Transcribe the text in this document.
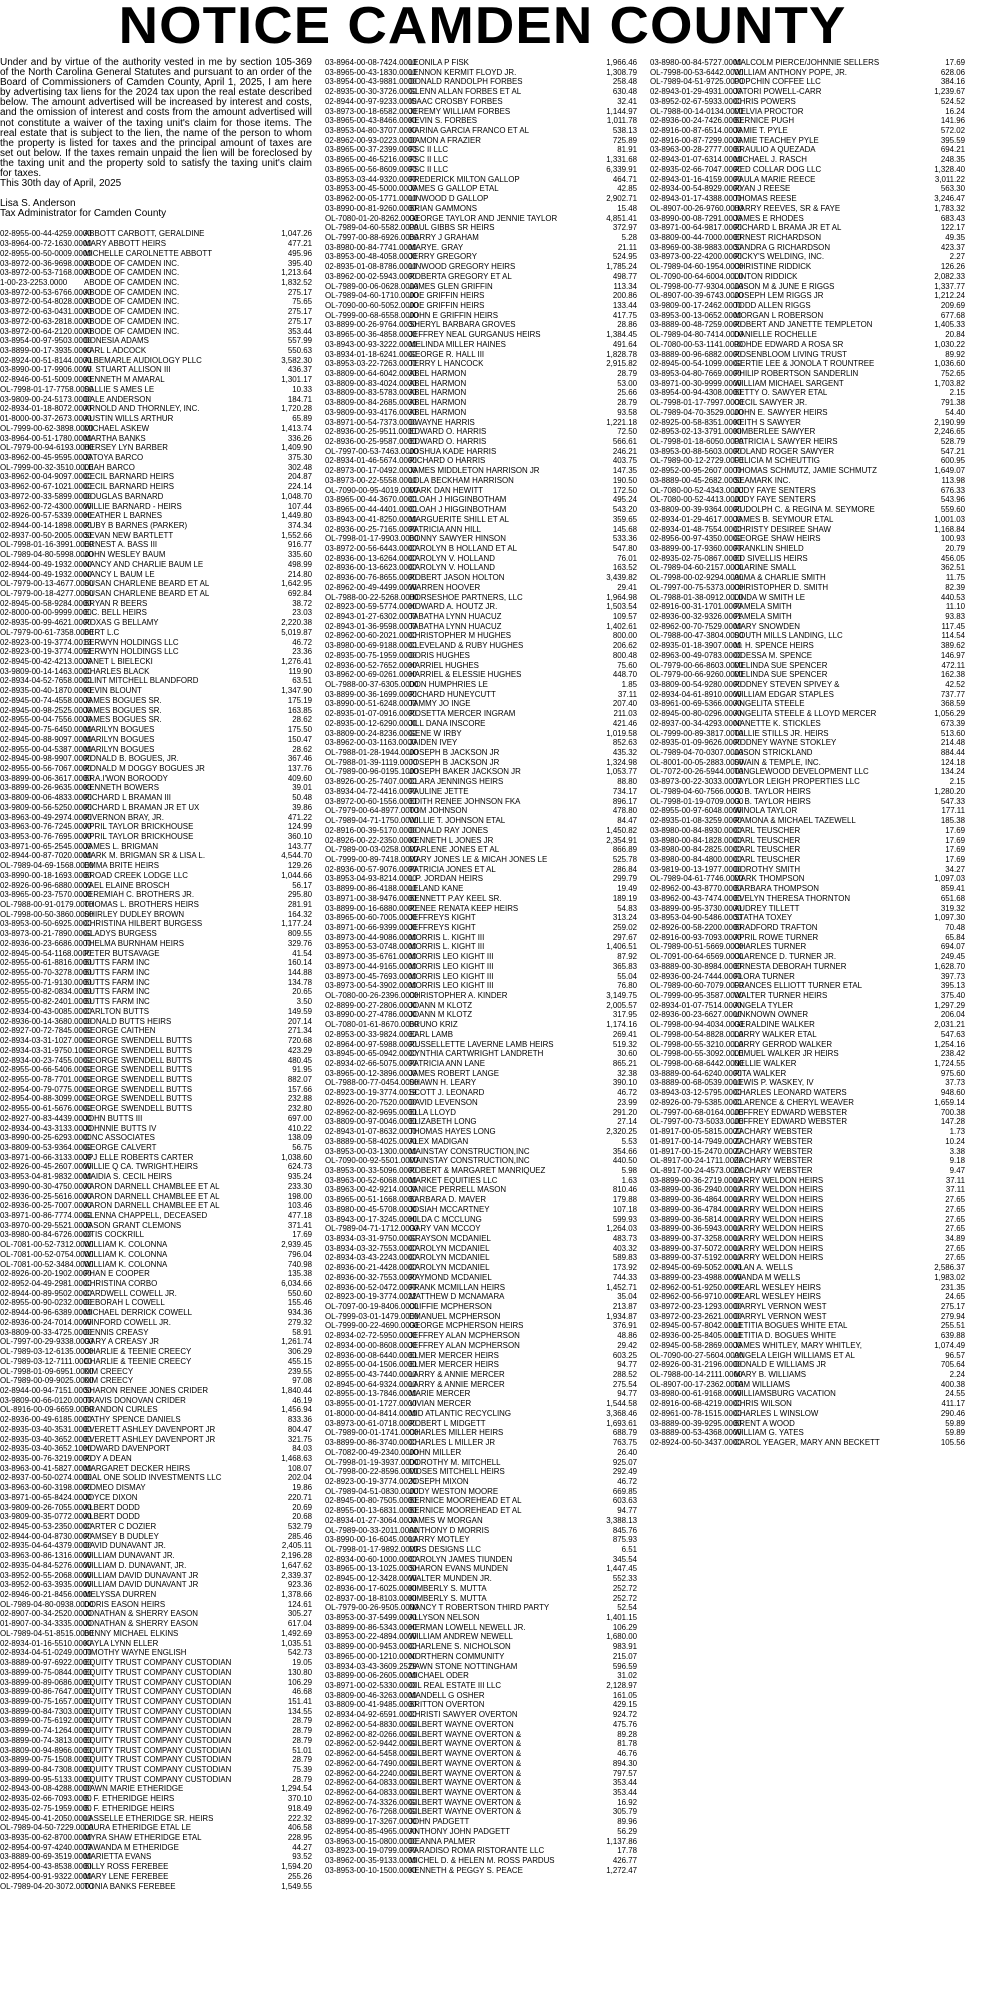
NOTICE CAMDEN COUNTY

Under and by virtue of the authority vested in me by section 105-369 of the North Carolina General Statutes and pursuant to an order of the Board of Commissioners of Camden County, April 1, 2025, I am here by advertising tax liens for the 2024 tax upon the real estate described below. The amount advertised will be increased by interest and costs, and the omission of interest and costs from the amount advertised will not constitute a waiver of the taxing unit's claim for those items. The real estate that is subject to the lien, the name of the person to whom the property is listed for taxes and the principal amount of taxes are set out below. If the taxes remain unpaid the lien will be foreclosed by the taxing unit and the property sold to satisfy the taxing unit's claim for taxes.

This 30th day of April, 2025

Lisa S. Anderson

Tax Administrator for Camden County

02-8955-00-44-4259.0000
ABBOTT CARBOTT, GERALDINE	1,047.26
03-8964-00-72-1630.0000
MARY ABBOTT HEIRS	477.21
02-8955-00-50-0009.0000
MICHELLE CAROLNETTE ABBOTT	495.96
03-8972-00-36-9698.0000
ABODE OF CAMDEN INC.	395.40
03-8972-00-53-7168.0000
ABODE OF CAMDEN INC.	1,213.64
1-00-23-2253.0000	ABODE OF CAMDEN INC.	1,832.52
03-8972-00-53-6766.0000
ABODE OF CAMDEN INC.	275.17
03-8972-00-54-8028.0000
ABODE OF CAMDEN INC.	75.65
03-8972-00-63-0431.0000
ABODE OF CAMDEN INC.	275.17
03-8972-00-63-2818.0000
ABODE OF CAMDEN INC.	275.17
03-8972-00-64-2120.0000
ABODE OF CAMDEN INC.	353.44
03-8954-00-97-9503.0000
DONESIA ADAMS	557.99
03-8899-00-17-3935.0000
KARL L ADCOCK	550.63
02-8924-00-51-8144.0000
ALBEMARLE AUDIOLOGY PLLC	3,582.30
03-8990-00-17-9906.0000
W. STUART ALLISON III	436.37
02-8946-00-51-5009.0000
KENNETH M AMARAL	1,301.17
OL-7998-01-17-7758.0000
SALLIE S AMES LE	10.33
03-9809-00-24-5173.0000
DALE ANDERSON	184.71
02-8934-01-18-8072.0000
ARNOLD AND THORNLEY, INC.	1,720.28
01-8000-00-37-2673.0000
AUSTIN WILLS ARTHUR	65.89
OL-7999-00-62-3898.0000
MICHAEL ASKEW	1,413.74
03-8964-00-51-1780.0000
MARTHA BANKS	336.26
OL-7979-00-94-6193.0000
HERSEY LYN BARBER	1,409.90
03-8962-00-45-9595.0000
JATOYA BARCO	375.30
OL-7999-00-32-3510.0000
LEAH BARCO	302.48
03-8962-00-04-9097.0000
CECIL BARNARD HEIRS	204.87
03-8962-00-67-1021.0000
CECIL BARNARD HEIRS	224.14
03-8972-00-33-5899.0000
DOUGLAS BARNARD	1,048.70
03-8962-00-72-4300.0000
WILLIE BARNARD - HEIRS	107.44
02-8926-00-57-5339.0000
HEATHER L BARNES	1,449.80
02-8944-00-14-1898.0000
RUBY B BARNES (PARKER)	374.34
02-8937-00-50-2005.0000
SEVAN NEW BARTLETT	1,552.66
OL-7998-01-16-3991.0000
ERNEST A. BASS III	916.77
OL-7989-04-80-5998.0000
JOHN WESLEY BAUM	335.60
02-8944-00-49-1932.0000
NANCY AND CHARLIE BAUM LE	498.99
02-8944-00-49-1932.0000
NANCY L BAUM LE	214.80
OL-7979-00-13-4677.0000
SUSAN CHARLENE BEARD ET AL	1,642.95
OL-7979-00-18-4277.0000
SUSAN CHARLENE BEARD ET AL	692.84
02-8945-00-58-9284.0000
BRYAN R BEERS	38.72
02-8000-00-00-9999.0000
E.C. BELL HEIRS	23.03
02-8935-00-99-4621.0000
ROXAS G BELLAMY	2,220.38
OL-7979-00-61-7358.0000
BERT L.C	5,019.87
02-8923-00-19-3774.0013
BERWYN HOLDINGS LLC	46.72
02-8923-00-19-3774.0051
BERWYN HOLDINGS LLC	23.36
02-8945-00-42-4213.0000
JANET L BIELECKI	1,276.41
03-9809-00-14-1463.0000
CHARLES BLACK	119.90
02-8934-04-52-7658.0000
CLINT MITCHELL BLANDFORD	63.51
02-8935-00-40-1870.0000
KEVIN BLOUNT	1,347.90
02-8945-00-74-4558.0000
JAMES BOGUES SR.	175.19
02-8945-00-98-2525.0000
JAMES BOGUES SR.	163.85
02-8955-00-04-7556.0000
JAMES BOGUES SR.	28.62
02-8945-00-75-6450.0000
MARILYN BOGUES	175.50
02-8945-00-88-9097.0000
MARILYN BOGUES	150.47
02-8955-00-04-5387.0000
MARILYN BOGUES	28.62
02-8945-00-98-9907.0000
RONALD B. BOGUES, JR.	367.46
02-8955-00-56-7067.0000
RONALD M DOGGY BOGUES JR	137.76
03-8899-00-06-3617.0000
BRA.I'WON BOROODY	409.60
03-8899-00-26-9635.0000
KENNETH BOWERS	39.01
03-8809-00-06-4833.0000
RICHARD L BRAMAN III	50.48
03-9809-00-56-5250.0000
RICHARD L BRAMAN JR ET UX	39.86
03-8963-00-49-2974.0000
RIVERNON BRAY, JR.	471.22
03-8963-00-76-7245.0000
APRIL TAYLOR BRICKHOUSE	124.99
03-8953-00-76-7695.0000
APRIL TAYLOR BRICKHOUSE	360.10
03-8971-00-65-2545.0000
JAMES L. BRIGMAN	143.77
02-8944-00-87-7020.0000
MARK M. BRIGMAN SR & LISA L.	4,544.70
OL-7989-04-69-1568.0000
EMMA BRITE HEIRS	129.26
03-8990-00-18-1693.0000
BROAD CREEK LODGE LLC	1,044.66
02-8926-00-96-6880.0000
YAEL ELAINE BROSCH	56.17
03-8965-00-23-7570.0000
JEREMIAH C. BROTHERS JR.	295.80
OL-7988-00-91-0179.0000
THOMAS L. BROTHERS HEIRS	281.91
OL-7998-00-50-3860.0000
SHIRLEY DUDLEY BROWN	164.32
03-8953-00-50-6925.0000
CHRISTINA HILBERT BURGESS	1,177.24
03-8973-00-21-7890.0000
GLADYS BURGESS	809.55
02-8936-00-23-6686.0000
THELMA BURNHAM HEIRS	329.76
02-8945-00-54-1168.0000
PETER BUTSAVAGE	41.54
02-8955-00-61-8816.0000
BUTTS FARM INC	160.14
02-8955-00-70-3278.0000
BUTTS FARM INC	144.88
02-8955-00-71-9130.0000
BUTTS FARM INC	134.78
02-8955-00-82-0834.0000
BUTTS FARM INC	20.65
02-8955-00-82-2401.0000
BUTTS FARM INC	3.50
02-8934-00-43-0085.0000
CARLTON BUTTS	149.59
02-8936-00-14-3680.0000
DONALD BUTTS HEIRS	207.14
02-8927-00-72-7845.0000
GEORGE CAITHEN	271.34
02-8934-03-31-1027.0000
GEORGE SWENDELL BUTTS	720.68
02-8934-03-31-9750.1000
GEORGE SWENDELL BUTTS	423.29
02-8934-00-23-7455.0000
GEORGE SWENDELL BUTTS	480.45
02-8955-00-66-5406.0000
GEORGE SWENDELL BUTTS	91.95
02-8955-00-78-7701.0000
GEORGE SWENDELL BUTTS	882.07
02-8954-00-79-0775.0000
GEORGE SWENDELL BUTTS	157.66
02-8954-00-88-3099.0000
GEORGE SWENDELL BUTTS	232.88
02-8955-00-61-5676.0000
GEORGE SWENDELL BUTTS	232.80
02-8927-00-83-4439.0000
JOHN BUTTS III	697.00
02-8934-00-43-3133.0000
JOHNNIE BUTTS IV	410.22
03-8990-00-25-6293.0000
C NC ASSOCIATES	138.09
03-8809-00-53-9364.0000
GEORGE CALVERT	56.75
03-8971-00-66-3133.0000
JPJ ELLE ROBERTS CARTER	1,038.60
02-8926-00-45-2607.0000
WILLIE Q CA. TWRIGHT.HEIRS	624.73
03-8953-04-81-9832.0000
MAIDIA S. CECIL HEIRS	935.24
03-8990-00-30-4750.0000
AARON DARNELL CHAMBLEE ET AL	233.30
02-8936-00-25-5616.0000
AARON DARNELL CHAMBLEE ET AL	198.00
02-8936-00-25-7007.0000
AARON DARNELL CHAMBLEE ET AL	103.46
03-8971-00-86-7774.0000
GLENNA CHAPPELL, DECEASED	477.18
03-8970-00-29-5521.0000
JASON GRANT CLEMONS	371.41
03-8980-00-84-6726.0000
OTIS COCKRILL	17.69
OL-7081-00-52-7312.0000
WILLIAM K. COLONNA	2,939.45
OL-7081-00-52-0754.0000
WILLIAM K. COLONNA	796.04
OL-7081-00-52-3484.0000
WILLIAM K. COLONNA	740.98
02-8926-00-20-1902.0000
PHAN E COOPER	135.38
02-8952-04-49-2981.0000
CHRISTINA CORBO	6,034.66
02-8944-00-89-9502.0000
CARDWELL COWELL JR.	550.60
02-8955-00-90-0232.0000
DEBORAH L COWELL	155.46
02-8944-00-96-6389.0000
MICHAEL DERRICK COWELL	934.36
02-8936-00-24-7014.0000
WINFORD COWELL JR.	279.32
03-8809-00-33-4725.0000
DENNIS CREASY	58.91
OL-7997-00-29-9338.0000
GARY A CREASY JR	1,261.74
OL-7989-03-12-6135.0000
CHARLIE & TEENIE CREECY	306.29
OL-7989-03-12-7111.0000
CHARLIE & TEENIE CREECY	455.15
OL-7998-01-09-6951.0000
KIM CREECY	239.55
OL-7989-00-09-9025.0000
KIM CREECY	97.08
02-8944-00-94-7151.0000
SHARON RENEE JONES CRIDER	1,840.44
03-9809-00-66-0120.0000
TRAVIS DONOVAN CRIDER	46.19
OL-8916-00-09-6659.0000
BRANDON CURLES	1,456.94
02-8936-00-49-6185.0000
CATHY SPENCE DANIELS	833.36
02-8935-03-40-3531.0000
EVERETT ASHLEY DAVENPORT JR	804.47
02-8935-03-40-3652.0000
EVERETT ASHLEY DAVENPORT JR	321.75
02-8935-03-40-3652.1000
HOWARD DAVENPORT	84.03
02-8935-00-76-3219.0000
ROY A DEAN	1,468.63
03-8963-00-41-5827.0000
MARGARET DECKER HEIRS	108.07
02-8937-00-50-0274.0000
DIAL ONE SOLID INVESTMENTS LLC	202.04
03-8963-00-60-3198.0000
ROMEO DISMAY	19.86
03-8971-00-65-8424.0000
JOYCE DIXON	220.71
03-9809-00-26-7055.0000
ALBERT DODD	20.69
03-9809-00-35-0772.0000
ALBERT DODD	20.68
02-8945-00-53-2350.0000
CARTER C DOZIER	532.79
02-8944-00-04-8730.0000
RAMSEY B DUDLEY	285.46
02-8935-04-64-4379.0000
DAVID DUNAVANT JR.	2,405.11
03-8963-00-86-1316.0000
WILLIAM DUNAVANT JR.	2,196.28
02-8935-04-84-5276.0000
WILLIAM D. DUNAVANT, JR.	1,647.62
03-8952-00-55-2068.0000
WILLIAM DAVID DUNAVANT JR	2,339.37
03-8952-00-63-3935.0000
WILLIAM DAVID DUNAVANT JR	923.36
02-8946-00-21-8456.0000
MELYSSA DURREN	1,378.66
OL-7989-04-80-0938.0000
DORIS EASON HEIRS	124.61
02-8907-00-34-2520.0000
JONATHAN & SHERRY EASON	305.27
01-8907-00-34-3335.0000
JONATHAN & SHERRY EASON	617.04
OL-7989-04-51-8515.0000
BENNY MICHAEL ELKINS	1,492.69
02-8934-01-16-5510.0000
KAYLA LYNN ELLER	1,035.51
02-8934-04-51-0249.0000
TIMOTHY WAYNE ENGLISH	542.73
03-8889-00-97-6922.0000
EQUITY TRUST COMPANY CUSTODIAN	19.05
03-8899-00-75-0844.0000
EQUITY TRUST COMPANY CUSTODIAN	130.80
03-8899-00-89-0686.0000
EQUITY TRUST COMPANY CUSTODIAN	106.29
03-8899-00-86-7647.0000
EQUITY TRUST COMPANY CUSTODIAN	46.68
03-8899-00-75-1657.0000
EQUITY TRUST COMPANY CUSTODIAN	151.41
03-8899-00-84-7303.0000
EQUITY TRUST COMPANY CUSTODIAN	134.55
03-8899-00-75-6192.0000
EQUITY TRUST COMPANY CUSTODIAN	28.79
03-8899-00-74-1264.0000
EQUITY TRUST COMPANY CUSTODIAN	28.79
03-8899-00-74-3813.0000
EQUITY TRUST COMPANY CUSTODIAN	28.79
03-8809-00-94-8966.0000
EQUITY TRUST COMPANY CUSTODIAN	51.01
03-8899-00-75-1508.0000
EQUITY TRUST COMPANY CUSTODIAN	28.79
03-8899-00-84-7308.0000
EQUITY TRUST COMPANY CUSTODIAN	75.39
03-8899-00-95-5133.0000
EQUITY TRUST COMPANY CUSTODIAN	28.79
02-8943-00-08-4288.0000
DAWN MARIE ETHERIDGE	1,294.54
02-8935-02-66-7093.0000
B. F. ETHERIDGE HEIRS	370.10
02-8935-02-75-1959.0000
B. F. ETHERIDGE HEIRS	918.49
02-8945-00-41-2050.0000
LASSELLE ETHERIDGE SR. HEIRS	222.32
OL-7989-04-50-7229.0000
LAURA ETHERIDGE ETAL LE	406.58
03-8935-00-62-8700.0000
MYRA SHAW ETHERIDGE ETAL	228.95
02-8954-00-97-4240.0000
TAWANDA M ETHERIDGE	44.27
03-8889-00-69-3519.0000
MARIETTA EVANS	93.52
02-8954-00-43-8538.0000
BILLY ROSS FEREBEE	1,594.20
02-8954-00-91-9322.0000
MARY LENE FEREBEE	255.26
OL-7989-04-20-3072.0000
TONIA BANKS FEREBEE	1,549.55
03-8964-00-08-7424.0000
LEONILA P FISK	1,966.46
03-8965-00-43-1830.0000
LENNON KERMIT FLOYD JR.	1,308.79
03-8954-00-43-9881.0000
DONALD RANDOLPH FORBES	258.48
02-8935-00-30-3726.0000
GLENN ALLAN FORBES ET AL	630.48
02-8944-00-97-9233.0000
ISAAC CROSBY FORBES	32.41
03-8973-00-18-6582.0000
JEREMY WILLIAM FORBES	1,144.97
03-8965-00-43-8466.0000
KEVIN S. FORBES	1,011.78
03-8953-04-80-3707.0000
KARINA GARCIA FRANCO ET AL	538.13
02-8962-00-93-0223.0000
DAMON A FRAZIER	725.89
03-8965-00-37-2399.0000
FSC II LLC	81.91
03-8965-00-46-5216.0000
FSC II LLC	1,331.68
03-8965-00-56-8609.0000
FSC II LLC	6,339.91
03-8953-03-44-9320.0000
FREDERICK MILTON GALLOP	464.71
03-8953-00-45-5000.0000
JAMES G GALLOP ETAL	42.85
03-8962-00-05-1771.0000
LINWOOD D GALLOP	2,902.71
03-8990-00-81-9260.0000
BRIAN GAMMONS	15.48
OL-7080-01-20-8262.0000
GEORGE TAYLOR AND JENNIE TAYLOR	4,851.41
OL-7989-04-60-5582.0000
PAUL GIBBS SR HEIRS	372.97
OL-7997-00-88-6926.0000
BARRY J GRAHAM	5.28
03-8980-00-84-7741.0000
MARYE. GRAY	21.11
03-8953-00-48-4058.0000
JERRY GREGORY	524.95
02-8935-01-08-8786.0000
LINWOOD GREGORY HEIRS	1,785.24
03-8962-00-02-5943.0000
ROBERTA GREGORY ET AL	498.77
OL-7989-00-06-0628.0000
JAMES GLEN GRIFFIN	113.34
OL-7989-04-60-1710.0000
JOE GRIFFIN HEIRS	200.86
OL-7090-00-60-5052.0000
JOE GRIFFIN HEIRS	133.44
OL-7999-00-68-6558.0000
JOHN E GRIFFIN HEIRS	417.75
03-8899-00-26-9764.0000
SHERYL BARBARA GROVES	28.86
03-8965-00-36-4858.0000
JEFFREY NEAL GURGANUS HEIRS	1,384.45
03-8943-00-93-3222.0000
MELINDA MILLER HAINES	491.64
03-8934-01-18-6241.0000
GEORGE R. HALL III	1,828.78
03-8953-03-22-7263.0000
TERRY L HANCOCK	2,915.82
03-8809-00-64-6042.0000
ABEL HARMON	28.79
03-8809-00-83-4024.0000
ABEL HARMON	53.00
03-8809-00-83-5783.0000
ABEL HARMON	25.66
03-8809-00-84-2685.0000
ABEL HARMON	28.79
03-9809-00-93-4176.0000
ABEL HARMON	93.58
03-8971-00-54-7373.0000
DWAYNE HARRIS	1,221.18
02-8936-00-25-9511.0000
EDWARD O. HARRIS	72.50
02-8936-00-25-9587.0000
EDWARD O. HARRIS	566.61
OL-7997-00-53-7463.0000
JOSHUA KADE HARRIS	246.21
02-8934-01-46-5674.0000
RICHARD O HARRIS	403.75
02-8973-00-17-0492.0000
JAMES MIDDLETON HARRISON JR	147.35
03-8973-00-22-5558.0000
LOLA BECKHAM HARRISON	190.50
OL-7090-00-95-4019.0000
MARK DAN HEWITT	172.50
03-8965-00-44-3670.0000
CLOAH J HIGGINBOTHAM	495.24
03-8965-00-44-4401.0000
CLOAH J HIGGINBOTHAM	543.20
03-8943-00-41-8250.0000
MARGUERITE SHILL ET AL	359.65
02-8936-00-25-7165.0000
PATRICIA ANN HILL	145.68
OL-7998-01-17-9903.0000
BONNY SAWYER HINSON	533.36
03-8972-00-56-6443.0000
CAROLYN B HOLLAND ET AL	547.80
02-8936-00-13-6264.0000
CAROLYN V. HOLLAND	76.01
02-8936-00-13-6623.0000
CAROLYN V. HOLLAND	163.52
02-8936-00-76-8655.0000
ROBERT JASON HOLTON	3,439.82
02-8962-00-49-4499.0000
WARREN HOOVER	29.41
OL-7988-00-22-5268.0000
HORSESHOE PARTNERS, LLC	1,964.98
02-8923-00-59-5774.0000
HOWARD A. HOUTZ JR.	1,503.54
02-8943-01-27-6302.0000
TABATHA LYNN HUACUZ	109.57
02-8943-01-36-9598.0000
TABATHA LYNN HUACUZ	1,402.61
02-8962-00-60-2021.0000
CHRISTOPHER M HUGHES	800.00
03-8980-00-69-9188.0000
CLEVELAND & RUBY HUGHES	206.62
02-8935-00-75-1959.0000
DORIS HUGHES	800.48
02-8936-00-52-7652.0000
HARRIEL HUGHES	75.60
03-8962-00-69-0261.0000
HARRIEL & ELESSIE HUGHES	448.70
OL-7988-00-37-6305.0000
DON HUMPHRIES LE	1.85
03-8899-00-36-1699.0000
RICHARD HUNEYCUTT	37.11
03-8990-00-51-6248.0000
TAMMY JO INGE	207.40
02-8935-01-07-0916.0000
ROSETTA MERCER INGRAM	211.03
02-8935-00-12-6290.0000
JILL DANA INSCORE	421.46
03-8809-00-24-8236.0000
GENE W IRBY	1,019.58
03-8962-00-03-1163.0000
JAIDEN IVEY	852.63
OL-7988-01-28-1944.0000
JOSEPH B JACKSON JR	435.32
OL-7988-01-39-1119.0000
JOSEPH B JACKSON JR	1,324.98
OL-7989-00-96-0195.1000
JOSEPH BAKER JACKSON JR	1,053.77
03-8926-00-25-7407.0000
CLARA JENNINGS HEIRS	88.80
03-8934-04-72-4416.0000
PAULINE JETTE	734.17
03-8972-00-60-1556.0000
EDITH RENEE JOHNSON FKA	896.17
OL-7979-00-64-8977.0000
TOM JOHNSON	478.80
OL-7989-04-71-1750.0000
WILLIE T. JOHNSON ETAL	84.47
02-8916-00-39-5170.0000
DONALD RAY JONES	1,450.82
02-8926-00-22-2350.0000
KENNETH L JONES JR	2,354.91
OL-7989-00-03-0258.0000
MARLENE JONES ET AL	866.89
OL-7999-00-89-7418.0000
MARY JONES LE & MICAH JONES LE	525.78
02-8936-00-57-9076.0000
PATRICIA JONES ET AL	286.84
03-8953-04-93-8214.0000
L.P. JORDAN HEIRS	299.79
03-8899-00-86-4188.0000
LELAND KANE	19.49
03-8971-00-38-9476.0000
BENNETT P.AY KEEL SR.	189.19
03-8899-00-16-6880.0000
RENEE RENATA KEEP HEIRS	54.83
03-8965-00-60-7005.0000
JEFFREYS KIGHT	313.24
03-8971-00-66-9399.0000
JEFFREYS KIGHT	259.02
03-8973-00-44-9086.0000
MORRIS L. KIGHT III	297.67
03-8953-00-53-0748.0000
MORRIS L. KIGHT III	1,406.51
03-8973-00-35-6761.0000
MORRIS LEO KIGHT III	87.92
03-8973-00-44-9165.0000
MORRIS LEO KIGHT III	365.83
03-8973-00-45-7693.0000
MORRIS LEO KIGHT III	55.04
03-8973-00-54-3902.0000
MORRIS LEO KIGHT III	76.80
OL-7080-00-26-2396.0000
CHRISTOPHER A. KINDER	3,149.75
02-8899-00-27-2806.0000
JOANN M KLOTZ	2,005.57
03-8990-00-27-4786.0000
JOANN M KLOTZ	317.95
OL-7080-01-61-8670.0000
BRUNO KRIZ	1,174.16
02-8953-00-33-9824.0000
EARL LAMB	269.41
02-8964-00-97-5988.0000
RUSSELLETTE LAVERNE LAMB HEIRS	519.32
03-8945-00-65-0942.0000
CYNTHIA CARTWRIGHT LANDRETH	30.60
02-8934-02-66-5075.0000
PATRICIA ANN LANE	865.21
03-8965-00-12-3896.0000
JAMES ROBERT LANGE	32.38
OL-7988-00-77-0454.0000
SHAWN H. LEARY	390.10
02-8923-00-19-3774.0019
SCOTT J. LEONARD	46.72
02-8926-00-20-7520.0000
DAVID LEVENSON	23.99
02-8962-00-82-9695.0000
ELLA LLOYD	291.20
03-8809-00-97-0046.0000
ELIZABETH LONG	27.14
02-8943-01-07-8632.0000
THOMAS HAYES LONG	2,320.25
03-8889-00-58-4025.0000
ALEX MADIGAN	5.53
03-8953-00-03-1300.0000
MAINSTAY CONSTRUCTION,INC	354.66
OL-7090-00-92-5501.0000
MAINSTAY CONSTRUCTION,INC	440.50
03-8953-00-33-5096.0000
ROBERT & MARGARET MANRIQUEZ	5.98
03-8963-00-52-6068.0000
MARKET EQUITIES LLC	1.63
03-8963-00-42-9214.0000
JANICE PERRELL MASON	810.46
03-8965-00-51-1668.0000
BARBARA D. MAVER	179.88
03-8980-00-45-5708.0000
JOSIAH MCCARTNEY	107.18
03-8943-00-17-3245.0000
HILDA C MCCLUNG	599.93
OL-7989-04-71-1712.0000
GARY VAN MCCOY	1,264.03
03-8934-03-31-9750.0000
GRAYSON MCDANIEL	483.73
03-8934-03-32-7553.0000
CAROLYN MCDANIEL	403.32
02-8934-03-43-2243.0000
CAROLYN MCDANIEL	589.83
02-8936-00-21-4428.0000
CAROLYN MCDANIEL	173.92
02-8936-00-32-7553.0000
RAYMOND MCDANIEL	744.33
02-8936-00-52-0472.0000
FRANK MCMILLAN HEIRS	1,452.71
02-8923-00-19-3774.0022
MATTHEW D MCNAMARA	35.04
OL-7097-00-19-8406.0000
CLIFFIE MCPHERSON	213.87
OL-7999-03-01-1479.0000
EMANUEL MCPHERSON	1,934.87
OL-7999-00-22-4690.0000
GEORGE MCPHERSON HEIRS	376.91
02-8934-02-72-5950.0000
JEFFREY ALAN MCPHERSON	48.86
02-8934-00-00-8608.0000
JEFFREY ALAN MCPHERSON	29.42
02-8936-00-08-6440.0000
ELMER MERCER HEIRS	603.25
02-8955-00-04-1506.0000
ELMER MERCER HEIRS	94.77
02-8955-00-43-7440.0000
LARRY & ANNIE MERCER	288.52
02-8945-00-64-9324.0000
LARRY & ANNIE MERCER	275.54
02-8955-00-13-7846.0000
MARIE MERCER	94.77
03-8955-00-01-1727.0000
VIVIAN MERCER	1,544.58
01-8000-00-04-8414.0000
MID ATLANTIC RECYCLING	3,368.46
03-8973-00-61-0718.0000
ROBERT L MIDGETT	1,693.61
OL-7989-00-01-1741.0000
CHARLES MILLER HEIRS	688.79
03-8899-00-86-3740.0000
CHARLES L MILLER JR	763.75
OL-7082-00-49-2340.0000
JOHN MILLER	26.40
OL-7998-01-19-3937.0000
DOROTHY M. MITCHELL	925.07
OL-7998-00-22-8596.0000
MOSES MITCHELL HEIRS	292.49
02-8923-00-19-3774.0020
JOSEPH MIXON	46.72
OL-7989-04-51-0830.0000
JUDY WESTON MOORE	669.85
02-8945-00-80-7505.0000
BERNICE MOOREHEAD ET AL	603.63
02-8955-00-13-6831.0000
BERNICE MOOREHEAD ET AL	94.77
02-8934-01-27-3064.0000
JAMES W MORGAN	3,388.13
OL-7989-00-33-2011.0000
ANTHONY D MORRIS	845.76
03-8990-00-16-6045.0000
LARRY MOTLEY	875.93
OL-7998-01-17-9892.0000
MRS DESIGNS LLC	6.51
02-8934-00-60-1000.0000
CAROLYN JAMES TIUNDEN	345.54
03-8965-00-13-1025.0000
SHARON EVANS MUNDEN	1,447.45
02-8945-00-12-3428.0000
WALTER MUNDEN JR.	552.33
02-8936-00-17-6025.0000
KIMBERLY S. MUTTA	252.72
02-8937-00-18-8103.0000
KIMBERLY S. MUTTA	252.72
OL-7979-00-26-9505.0000
NANCY T ROBERTSON THIRD PARTY	52.54
03-8953-00-37-5499.0000
ALLYSON NELSON	1,401.15
03-8899-00-86-5343.0000
HERMAN LOWELL NEWELL JR.	106.29
03-8953-00-22-4894.0000
WILLIAM ANDREW NEWELL	1,680.00
03-8899-00-00-9453.0000
CHARLENE S. NICHOLSON	983.91
03-8965-00-00-1210.0000
NORTHERN COMMUNITY	215.07
03-8934-03-43-3609.2529
DAWN STONE NOTTINGHAM	596.59
03-8899-00-06-2605.0000
MICHAEL ODER	31.02
03-8971-00-02-5330.0000
OIL REAL ESTATE III LLC	2,128.97
03-8809-00-46-3263.0000
MANDELL G OSHER	161.05
03-8809-00-41-9485.0000
BRITTON OVERTON	429.15
02-8934-04-92-6591.0000
CHRISTI SAWYER OVERTON	924.72
02-8962-00-54-8830.0000
GILBERT WAYNE OVERTON	475.76
02-8962-00-82-0266.0000
GILBERT WAYNE OVERTON &	89.28
02-8962-00-52-9442.0000
GILBERT WAYNE OVERTON &	81.78
02-8962-00-64-5458.0000
GILBERT WAYNE OVERTON &	46.76
02-8962-00-64-7490.0000
GILBERT WAYNE OVERTON &	894.30
02-8962-00-64-2240.0000
GILBERT WAYNE OVERTON &	797.57
02-8962-00-64-0833.0000
GILBERT WAYNE OVERTON &	353.44
02-8962-00-64-0833.0000
GILBERT WAYNE OVERTON &	353.44
02-8962-00-74-3326.0000
GILBERT WAYNE OVERTON &	16.92
02-8962-00-76-7268.0000
GILBERT WAYNE OVERTON &	305.79
03-8899-00-17-3267.0000
JOHN PADGETT	89.96
02-8954-00-85-4965.0000
ANTHONY JOHN PADGETT	56.29
03-8963-00-15-0800.0000
DEANNA PALMER	1,137.86
03-8923-00-19-0799.0000
PARADISO ROMA RISTORANTE LLC	17.78
03-8962-00-35-9133.0000
MICHEL D. & HELEN M. ROSS PARDUS	426.77
03-8953-00-10-1500.0000
KENNETH & PEGGY S. PEACE	1,272.47
03-8980-00-84-5727.0000
MALCOLM PIERCE/JOHNNIE SELLERS	17.69
OL-7998-00-53-6442.0000
WILLIAM ANTHONY POPE, JR.	628.06
OL-7989-04-51-9725.0000
POPCHIN COFFEE LLC	384.16
02-8943-01-29-4931.0000
JATORI POWELL-CARR	1,239.67
03-8952-02-67-5933.0000
CHRIS POWERS	524.52
OL-7988-00-14-0134.0000
MELVIA PROCTOR	16.24
02-8936-00-24-7426.0000
BERNICE PUGH	141.96
02-8916-00-87-6514.0000
JAMIE T. PYLE	572.02
02-8916-00-87-7299.0000
JAMIE TEACHEY PYLE	395.59
03-8963-00-28-2777.0000
BRAULIO A QUEZADA	694.21
02-8943-01-07-6314.0000
MICHAEL J. RASCH	248.35
02-8935-02-66-7047.0000
RED COLLAR DOG LLC	1,328.40
02-8943-01-16-4159.0000
PAULA MARIE REECE	3,011.22
02-8934-00-54-8929.0000
RYAN J REESE	563.30
02-8943-01-17-4388.0000
THOMAS REESE	3,246.47
OL-8907-00-26-9760.0000
HARRY REEVES, SR & FAYE	1,783.32
03-8990-00-08-7291.0000
JAMES E RHODES	683.43
03-8971-00-64-9817.0000
RICHARD L BRAMA JR ET AL	122.17
03-8809-00-44-7000.0000
ERNEST RICHARDSON	49.35
03-8969-00-38-9883.0000
SANDRA G RICHARDSON	423.37
03-8973-00-22-4200.0000
RICKY'S WELDING, INC.	2.27
OL-7989-04-60-1954.0000
CHRISTINE RIDDICK	126.26
OL-7090-00-64-6004.0000
LINTON RIDDICK	2,082.33
OL-7998-00-77-9304.0000
JASON M & JUNE E RIGGS	1,337.77
OL-8907-00-39-6743.0000
JOSEPH LEM RIGGS JR	1,212.24
03-9809-00-17-2462.0000
TODD ALLEN RIGGS	209.69
03-8953-00-13-0652.0000
MORGAN L ROBERSON	677.68
03-8889-00-48-7259.0000
ROBERT AND JANETTE TEMPLETON	1,405.33
OL-7989-04-80-7414.0000
DANIELLE ROCHELLE	20.84
OL-7080-00-53-1141.0000
ROHDE EDWARD A ROSA SR	1,030.22
03-8889-00-96-6882.0000
ROSENBLOOM LIVING TRUST	89.92
02-8945-00-54-1099.0000
GERTIE LEE & JONOLA T ROUNTREE	1,036.60
03-8953-04-80-7669.0000
PHILIP ROBERTSON SANDERLIN	752.65
03-8971-00-30-9999.0000
WILLIAM MICHAEL SARGENT	1,703.82
03-8954-00-94-4308.0000
BETTY O. SAWYER ETAL	2.15
OL-7998-01-17-7997.0000
CECIL SAWYER JR.	791.38
OL-7989-04-70-3529.0000
JOHN E. SAWYER HEIRS	54.40
02-8925-00-58-8351.0000
KEITH S SAWYER	2,190.99
02-8953-02-13-3791.0000
KIMBERLEE SAWYER	2,246.65
OL-7998-01-18-6050.0000
PATRICIA L SAWYER HEIRS	528.79
03-8953-00-88-5603.0000
ROLAND ROGER SAWYER	547.21
OL-7989-00-12-2729.0000
FELICIA M SCHEUTTIG	600.95
02-8952-00-95-2607.0000
THOMAS SCHMUTZ, JAMIE SCHMUTZ	1,649.07
03-8889-00-45-2682.0000
SEAMARK INC.	113.98
OL-7080-00-52-4343.0000
JUDY FAYE SENTERS	676.33
OL-7080-00-52-4413.0000
JUDY FAYE SENTERS	543.96
03-8809-00-39-9364.0000
RUDOLPH C. & REGINA M. SEYMORE	559.60
02-8934-01-29-4617.0000
JAMES B. SEYMOUR ETAL	1,001.03
02-8934-01-48-7554.0000
CHRISTY DESIREE SHAW	1,168.84
02-8956-00-97-4350.0000
GEORGE SHAW HEIRS	100.93
03-8899-00-17-9360.0000
FRANKLIN SHIELD	20.79
02-8935-02-75-0867.0000
ED SIVELLIS HEIRS	456.05
OL-7989-04-60-2157.0000
CLARINE SMALL	362.51
OL-7998-00-02-9294.0000
ALMA & CHARLIE SMITH	11.75
OL-7997-00-75-5373.0000
CHRISTOPHER D. SMITH	82.39
OL-7988-01-38-0912.0000
LINDA W SMITH LE	440.53
02-8916-00-31-1701.0000
PAMELA SMITH	11.10
02-8936-00-32-9326.0001
PAMELA SMITH	93.83
02-8962-00-70-7529.0000
MARY SNOWDEN	117.45
OL-7988-00-47-3804.0000
SOUTH MILLS LANDING, LLC	114.54
02-8935-01-18-3907.0000
M. H. SPENCE HEIRS	389.62
02-8963-00-49-0783.0000
ODESSA M. SPENCE	146.97
OL-7979-00-66-8603.0000
MELINDA SUE SPENCER	472.11
OL-7979-00-66-9260.0000
MELINDA SUE SPENCER	162.38
03-8809-00-54-9280.0000
RODNEY STEVEN SPIVEY &	42.52
02-8934-04-61-8910.0000
WILLIAM EDGAR STAPLES	737.77
03-8961-00-69-5366.0000
ANGELITA STEELE	368.59
02-8945-00-80-0296.0000
ANGELITA STEELE & LLOYD MERCER	1,056.29
02-8937-00-34-4293.0000
NANETTE K. STICKLES	673.39
OL-7999-00-89-3817.0000
TALLIE STILLS JR. HEIRS	513.60
02-8935-01-09-9626.0000
RODNEY WAYNE STOKLEY	214.48
OL-7989-04-70-0307.0000
JASON STRICKLAND	884.44
OL-8001-00-05-2883.0000
SWAIN & TEMPLE, INC.	124.18
OL-7072-00-26-5944.0000
TANGLEWOOD DEVELOPMENT LLC	134.24
03-8973-00-22-3033.0000
TAYLOR LEIGH PROPERTIES LLC	2.15
OL-7989-04-60-7566.0000
G. B. TAYLOR HEIRS	1,280.20
OL-7998-01-19-0709.0000
G. B. TAYLOR HEIRS	547.33
02-8955-00-97-6048.0000
WINOLA TAYLOR	177.11
02-8935-01-08-3259.0000
RAMONA & MICHAEL TAZEWELL	185.38
03-8980-00-84-8930.0000
CARL TEUSCHER	17.69
03-8980-00-84-1828.0000
CARL TEUSCHER	17.69
03-8980-00-84-2825.0000
CARL TEUSCHER	17.69
03-8980-00-84-4800.0000
CARL TEUSCHER	17.69
03-9819-00-13-1977.0000
DOROTHY SMITH	34.27
OL-7989-04-61-7746.0000
MARK THOMPSON	1,097.03
02-8962-00-43-8770.0000
BARBARA THOMPSON	859.41
03-8962-00-43-7474.0000
EVELYN THERESA THORNTON	651.68
03-8899-00-95-3730.0000
AUDREY TILLETT	319.32
03-8953-04-90-5486.0000
STATHA TOXEY	1,097.30
02-8926-00-58-2200.0000
BRADFORD TRAFTON	70.48
02-8916-00-93-7093.0000
APRIL ROWE TURNER	65.84
OL-7989-00-51-5669.0000
CHARLES TURNER	694.07
OL-7091-00-64-6569.0000
CLARENCE D. TURNER JR.	249.45
03-8889-00-30-8984.0000
ERNESTA DEBORAH TURNER	1,628.70
02-8936-00-24-7444.0000
FLORA TURNER	397.73
OL-7989-00-60-7079.0000
FRANCES ELLIOTT TURNER ETAL	395.13
OL-7999-00-95-3587.0000
WALTER TURNER HEIRS	375.40
02-8934-01-07-7514.0000
ANGELA TYLER	1,297.29
02-8936-00-23-6627.0000
UNKNOWN OWNER	206.04
OL-7998-00-94-4034.0000
GERALDINE WALKER	2,031.21
OL-7998-00-54-8828.0000
LARRY WALKER ETAL	547.63
OL-7998-00-55-3210.0000
LARRY GERROD WALKER	1,254.16
OL-7998-00-55-3092.0000
LEMUEL WALKER JR HEIRS	238.42
OL-7998-00-68-6442.0000
NELLIE WALKER	1,724.55
03-8889-00-64-6240.0000
RITA WALKER	975.60
03-8889-00-68-0539.0000
LEWIS P. WASKEY, IV	37.73
03-8943-03-12-5795.0000
CHARLES LEONARD WATERS	948.60
02-8926-00-79-5385.0000
CLARENCE & CHERYL WEAVER	1,659.14
OL-7997-00-68-0164.0000
JEFFREY EDWARD WEBSTER	700.38
OL-7997-00-73-5033.0000
JEFFREY EDWARD WEBSTER	147.28
01-8917-00-05-5815.0000
ZACHARY WEBSTER	1.73
01-8917-00-14-7949.0000
ZACHARY WEBSTER	10.24
01-8917-00-15-2470.0000
ZACHARY WEBSTER	3.38
OL-8917-00-24-1711.0000
ZACHARY WEBSTER	9.18
OL-8917-00-24-4573.0000
ZACHARY WEBSTER	9.47
03-8899-00-36-2719.0000
LARRY WELDON HEIRS	37.11
03-8899-00-36-2940.0000
LARRY WELDON HEIRS	37.11
03-8899-00-36-4864.0000
LARRY WELDON HEIRS	27.65
03-8899-00-36-4784.0000
LARRY WELDON HEIRS	27.65
03-8899-00-36-5814.0000
LARRY WELDON HEIRS	27.65
03-8899-00-36-5943.0000
LARRY WELDON HEIRS	27.65
03-8899-00-37-3258.0000
LARRY WELDON HEIRS	34.89
03-8899-00-37-5072.0000
LARRY WELDON HEIRS	27.65
03-8899-00-37-5192.0000
LARRY WELDON HEIRS	27.65
02-8945-00-69-5052.0000
ALAN A. WELLS	2,586.37
03-8899-00-23-4988.0000
WANDA M WELLS	1,983.02
02-8962-00-51-9250.0000
PEARL WESLEY HEIRS	231.35
02-8962-00-56-9710.0000
PEARL WESLEY HEIRS	24.65
03-8972-00-23-1293.0000
DARRYL VERNON WEST	275.17
03-8972-00-23-2621.0000
DARRYL VERNON WEST	279.94
02-8945-00-57-8042.0000
LETITIA BOGUES WHITE ETAL	255.51
02-8936-00-25-8405.0000
LETITIA D. BOGUES WHITE	639.88
02-8945-00-58-2869.0000
JAMES WHITLEY, MARY WHITLEY,	1,074.49
OL-7090-00-27-5604.0000
ANGELA LEIGH WILLIAMS ET AL	96.57
02-8926-00-31-2196.0000
DONALD E WILLIAMS JR	705.64
OL-7988-00-14-2111.0000
MARY B. WILLIAMS	2.24
OL-8907-00-17-2362.0000
TAM WILLIAMS	400.38
03-8980-00-61-9168.0000
WILLIAMSBURG VACATION	24.55
02-8916-00-68-4219.0000
CHRIS WILSON	411.17
02-8961-00-78-1515.0000
CHARLES L WINSLOW	290.46
03-8889-00-39-9295.0000
BRENT A WOOD	59.89
03-8889-00-53-4368.0000
WILLIAM G. YATES	59.89
02-8924-00-50-3437.0000
CAROL YEAGER, MARY ANN BECKETT	105.56
